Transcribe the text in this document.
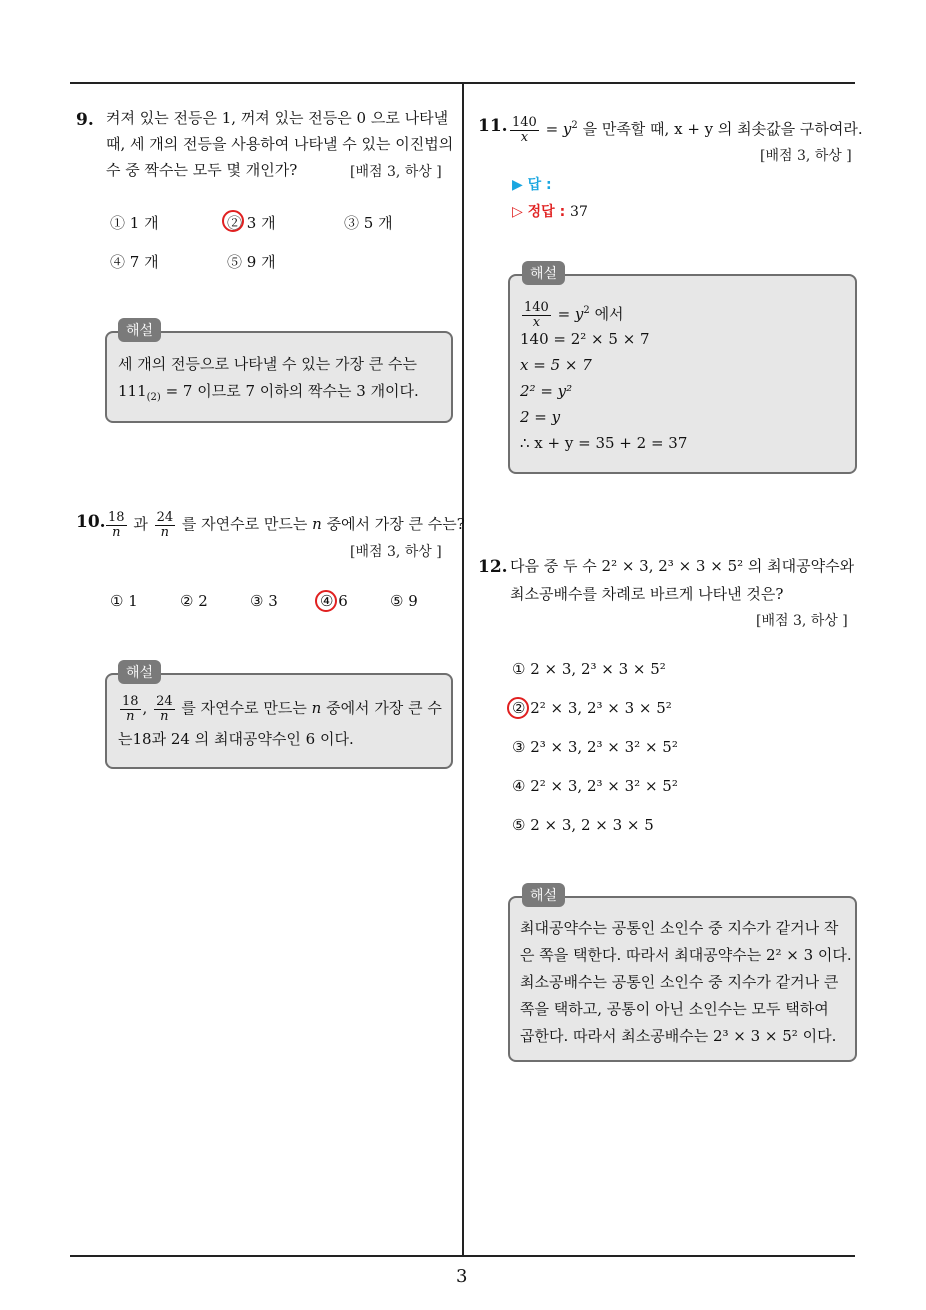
9. 켜져 있는 전등은 1, 꺼져 있는 전등은 0 으로 나타낼
때, 세 개의 전등을 사용하여 나타낼 수 있는 이진법의
수 중 짝수는 모두 몇 개인가?	[배점 3, 하상 ]
① 1 개	② 3 개	③ 5 개
④ 7 개	⑤ 9 개
해설
세 개의 전등으로 나타낼 수 있는 가장 큰 수는
$111_{(2)} = 7$ 이므로 7 이하의 짝수는 3 개이다.
10. $\frac{18}{n}$ 과 $\frac{24}{n}$ 를 자연수로 만드는 n 중에서 가장 큰 수는?
[배점 3, 하상 ]
① 1	② 2	③ 3	④ 6	⑤ 9
해설
$\frac{18}{n}$ , $\frac{24}{n}$ 를 자연수로 만드는 n 중에서 가장 큰 수
는18과 24 의 최대공약수인 6 이다.
11. $\frac{140}{x} = y^2$ 을 만족할 때, x + y 의 최솟값을 구하여라.
[배점 3, 하상 ]
▶ 답 :
▷ 정답 : 37
해설
$\frac{140}{x} = y^2$ 에서
140 = 2² × 5 × 7
x = 5 × 7
2² = y²
2 = y
∴ x + y = 35 + 2 = 37
12. 다음 중 두 수 2² × 3, 2³ × 3 × 5² 의 최대공약수와
최소공배수를 차례로 바르게 나타낸 것은?
[배점 3, 하상 ]
① 2 × 3, 2³ × 3 × 5²
② 2² × 3, 2³ × 3 × 5²
③ 2³ × 3, 2³ × 3² × 5²
④ 2² × 3, 2³ × 3² × 5²
⑤ 2 × 3, 2 × 3 × 5
해설
최대공약수는 공통인 소인수 중 지수가 같거나 작
은 쪽을 택한다. 따라서 최대공약수는 2² × 3 이다.
최소공배수는 공통인 소인수 중 지수가 같거나 큰
쪽을 택하고, 공통이 아닌 소인수는 모두 택하여
곱한다. 따라서 최소공배수는 2³ × 3 × 5² 이다.
3
